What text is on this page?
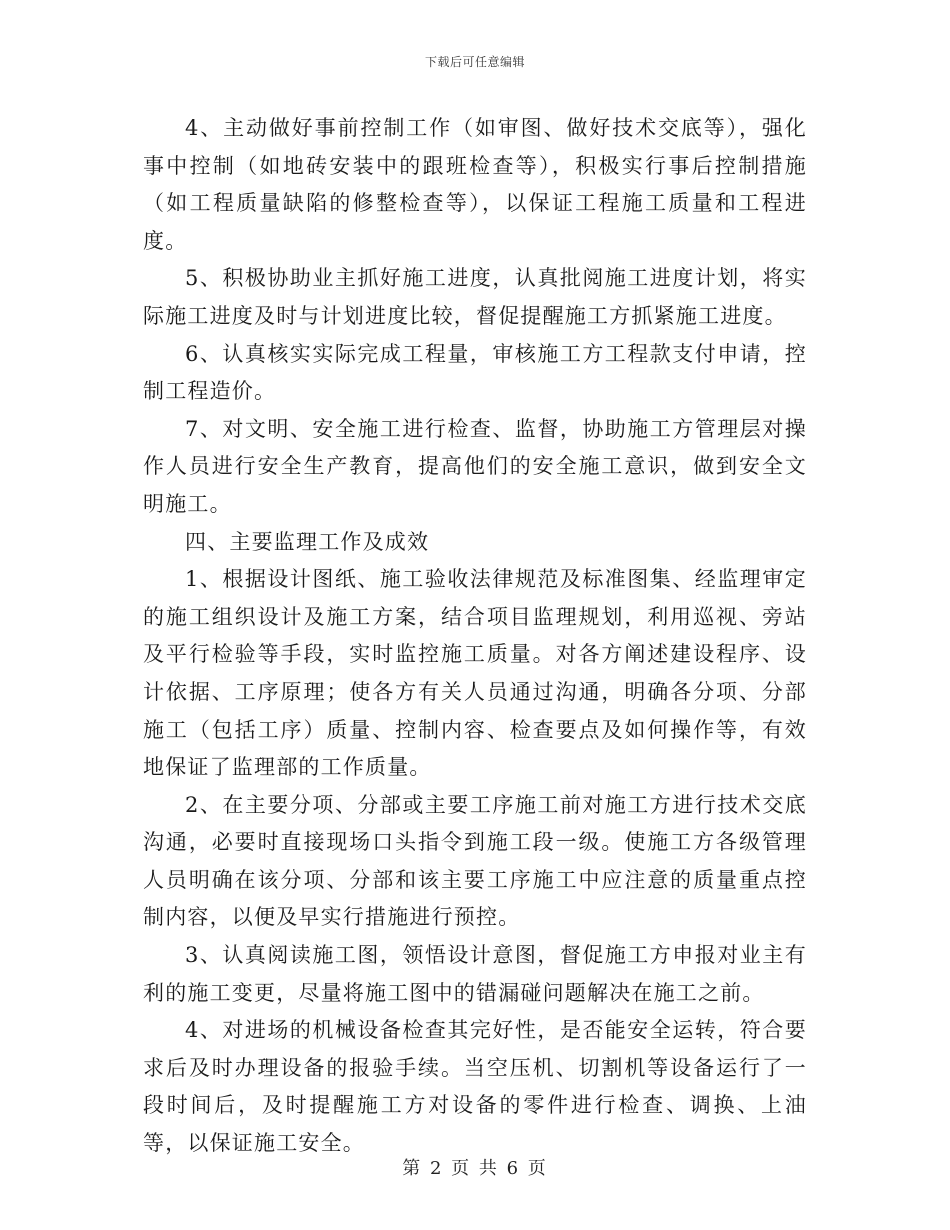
下载后可任意编辑

4、主动做好事前控制工作（如审图、做好技术交底等），强化事中控制（如地砖安装中的跟班检查等），积极实行事后控制措施（如工程质量缺陷的修整检查等），以保证工程施工质量和工程进度。

5、积极协助业主抓好施工进度，认真批阅施工进度计划，将实际施工进度及时与计划进度比较，督促提醒施工方抓紧施工进度。

6、认真核实实际完成工程量，审核施工方工程款支付申请，控制工程造价。

7、对文明、安全施工进行检查、监督，协助施工方管理层对操作人员进行安全生产教育，提高他们的安全施工意识，做到安全文明施工。

四、主要监理工作及成效

1、根据设计图纸、施工验收法律规范及标准图集、经监理审定的施工组织设计及施工方案，结合项目监理规划，利用巡视、旁站及平行检验等手段，实时监控施工质量。对各方阐述建设程序、设计依据、工序原理；使各方有关人员通过沟通，明确各分项、分部施工（包括工序）质量、控制内容、检查要点及如何操作等，有效地保证了监理部的工作质量。

2、在主要分项、分部或主要工序施工前对施工方进行技术交底沟通，必要时直接现场口头指令到施工段一级。使施工方各级管理人员明确在该分项、分部和该主要工序施工中应注意的质量重点控制内容，以便及早实行措施进行预控。

3、认真阅读施工图，领悟设计意图，督促施工方申报对业主有利的施工变更，尽量将施工图中的错漏碰问题解决在施工之前。

4、对进场的机械设备检查其完好性，是否能安全运转，符合要求后及时办理设备的报验手续。当空压机、切割机等设备运行了一段时间后，及时提醒施工方对设备的零件进行检查、调换、上油等，以保证施工安全。

第 2 页 共 6 页
